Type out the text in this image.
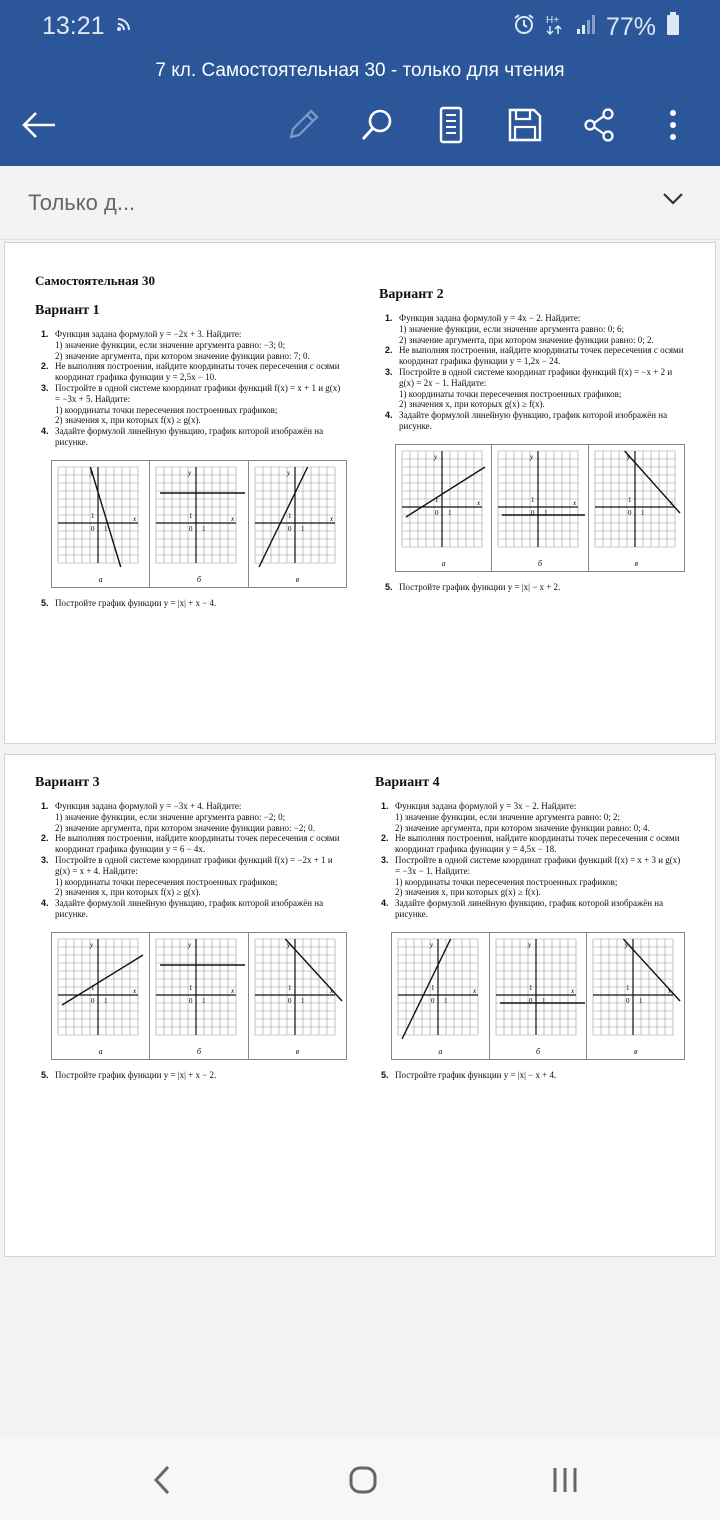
13:21	H+ 77%
7 кл. Самостоятельная 30 - только для чтения
Только д...
Самостоятельная 30
Вариант 1
1. Функция задана формулой y = −2x + 3. Найдите:
1) значение функции, если значение аргумента равно: −3; 0;
2) значение аргумента, при котором значение функции равно: 7; 0.
2. Не выполняя построения, найдите координаты точек пересечения с осями координат графика функции y = 2,5x − 10.
3. Постройте в одной системе координат графики функций f(x) = x + 1 и g(x) = −3x + 5. Найдите:
1) координаты точки пересечения построенных графиков;
2) значения x, при которых f(x) ≥ g(x).
4. Задайте формулой линейную функцию, график которой изображён на рисунке.
y
x
0 1
1
а
y
x
0 1
1
б
y
x
0 1
1
в
5. Постройте график функции y = |x| + x − 4.
Вариант 2
1. Функция задана формулой y = 4x − 2. Найдите:
1) значение функции, если значение аргумента равно: 0; 6;
2) значение аргумента, при котором значение функции равно: 0; 2.
2. Не выполняя построения, найдите координаты точек пересечения с осями координат графика функции y = 1,2x − 24.
3. Постройте в одной системе координат графики функций f(x) = −x + 2 и g(x) = 2x − 1. Найдите:
1) координаты точки пересечения построенных графиков;
2) значения x, при которых g(x) ≥ f(x).
4. Задайте формулой линейную функцию, график которой изображён на рисунке.
y
x
0 1
1
а
y
x
0 1
1
б
y
x
0 1
1
в
5. Постройте график функции y = |x| − x + 2.
Вариант 3
1. Функция задана формулой y = −3x + 4. Найдите:
1) значение функции, если значение аргумента равно: −2; 0;
2) значение аргумента, при котором значение функции равно: −2; 0.
2. Не выполняя построения, найдите координаты точек пересечения с осями координат графика функции y = 6 − 4x.
3. Постройте в одной системе координат графики функций f(x) = −2x + 1 и g(x) = x + 4. Найдите:
1) координаты точки пересечения построенных графиков;
2) значения x, при которых f(x) ≥ g(x).
4. Задайте формулой линейную функцию, график которой изображён на рисунке.
y
x
0 1
1
а
y
x
0 1
1
б
y
x
0 1
1
в
5. Постройте график функции y = |x| + x − 2.
Вариант 4
1. Функция задана формулой y = 3x − 2. Найдите:
1) значение функции, если значение аргумента равно: 0; 2;
2) значение аргумента, при котором значение функции равно: 0; 4.
2. Не выполняя построения, найдите координаты точек пересечения с осями координат графика функции y = 4,5x − 18.
3. Постройте в одной системе координат графики функций f(x) = x + 3 и g(x) = −3x − 1. Найдите:
1) координаты точки пересечения построенных графиков;
2) значения x, при которых g(x) ≥ f(x).
4. Задайте формулой линейную функцию, график которой изображён на рисунке.
y
x
0 1
1
а
y
x
0 1
1
б
y
x
0 1
1
в
5. Постройте график функции y = |x| − x + 4.
